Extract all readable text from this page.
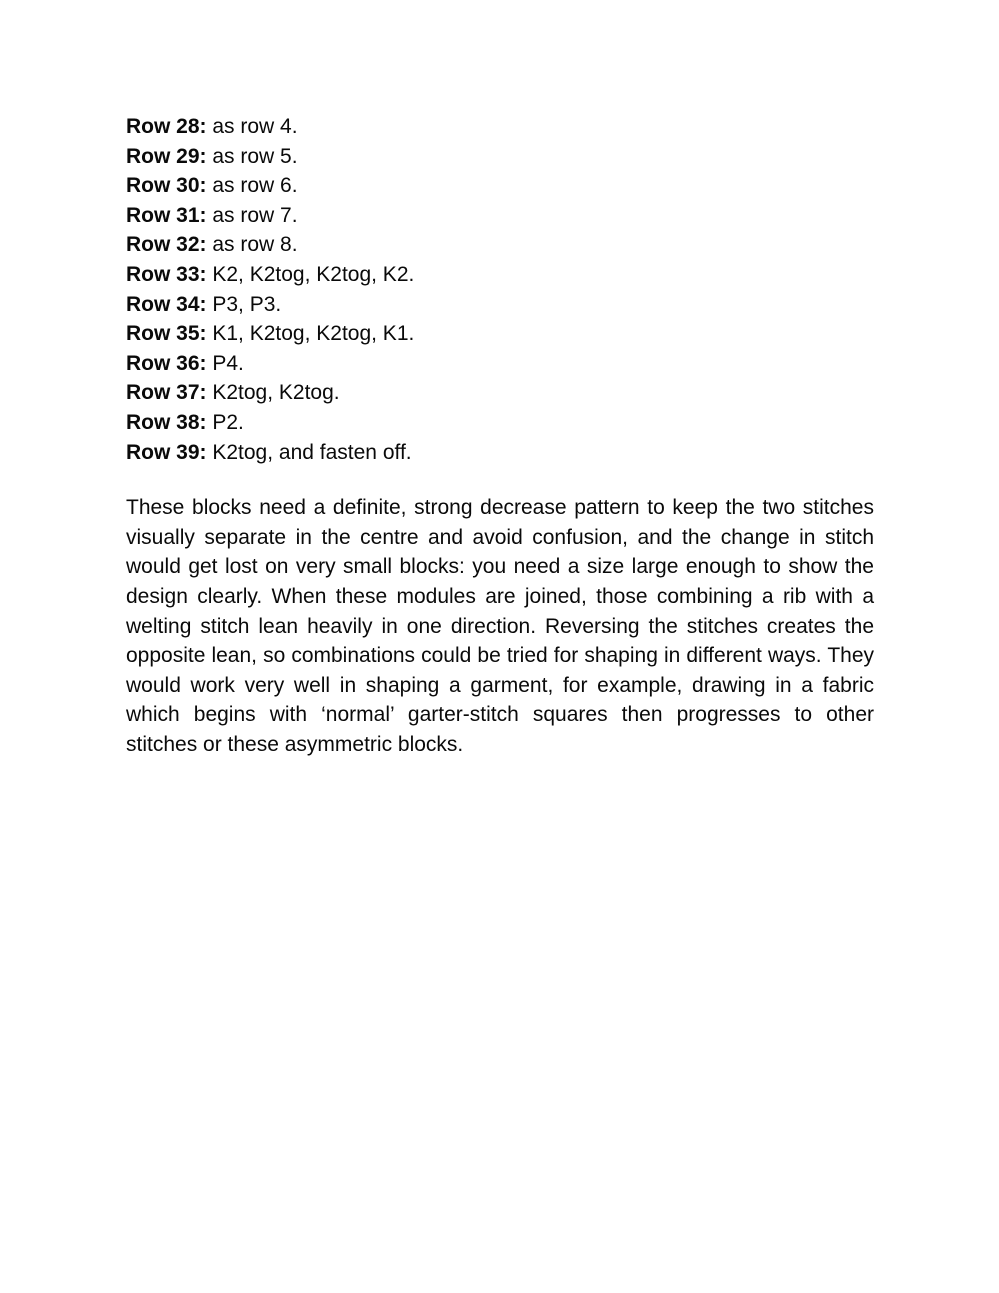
Row 28: as row 4.
Row 29: as row 5.
Row 30: as row 6.
Row 31: as row 7.
Row 32: as row 8.
Row 33: K2, K2tog, K2tog, K2.
Row 34: P3, P3.
Row 35: K1, K2tog, K2tog, K1.
Row 36: P4.
Row 37: K2tog, K2tog.
Row 38: P2.
Row 39: K2tog, and fasten off.

These blocks need a definite, strong decrease pattern to keep the two stitches visually separate in the centre and avoid confusion, and the change in stitch would get lost on very small blocks: you need a size large enough to show the design clearly. When these modules are joined, those combining a rib with a welting stitch lean heavily in one direction. Reversing the stitches creates the opposite lean, so combinations could be tried for shaping in different ways. They would work very well in shaping a garment, for example, drawing in a fabric which begins with ‘normal’ garter-stitch squares then progresses to other stitches or these asymmetric blocks.
